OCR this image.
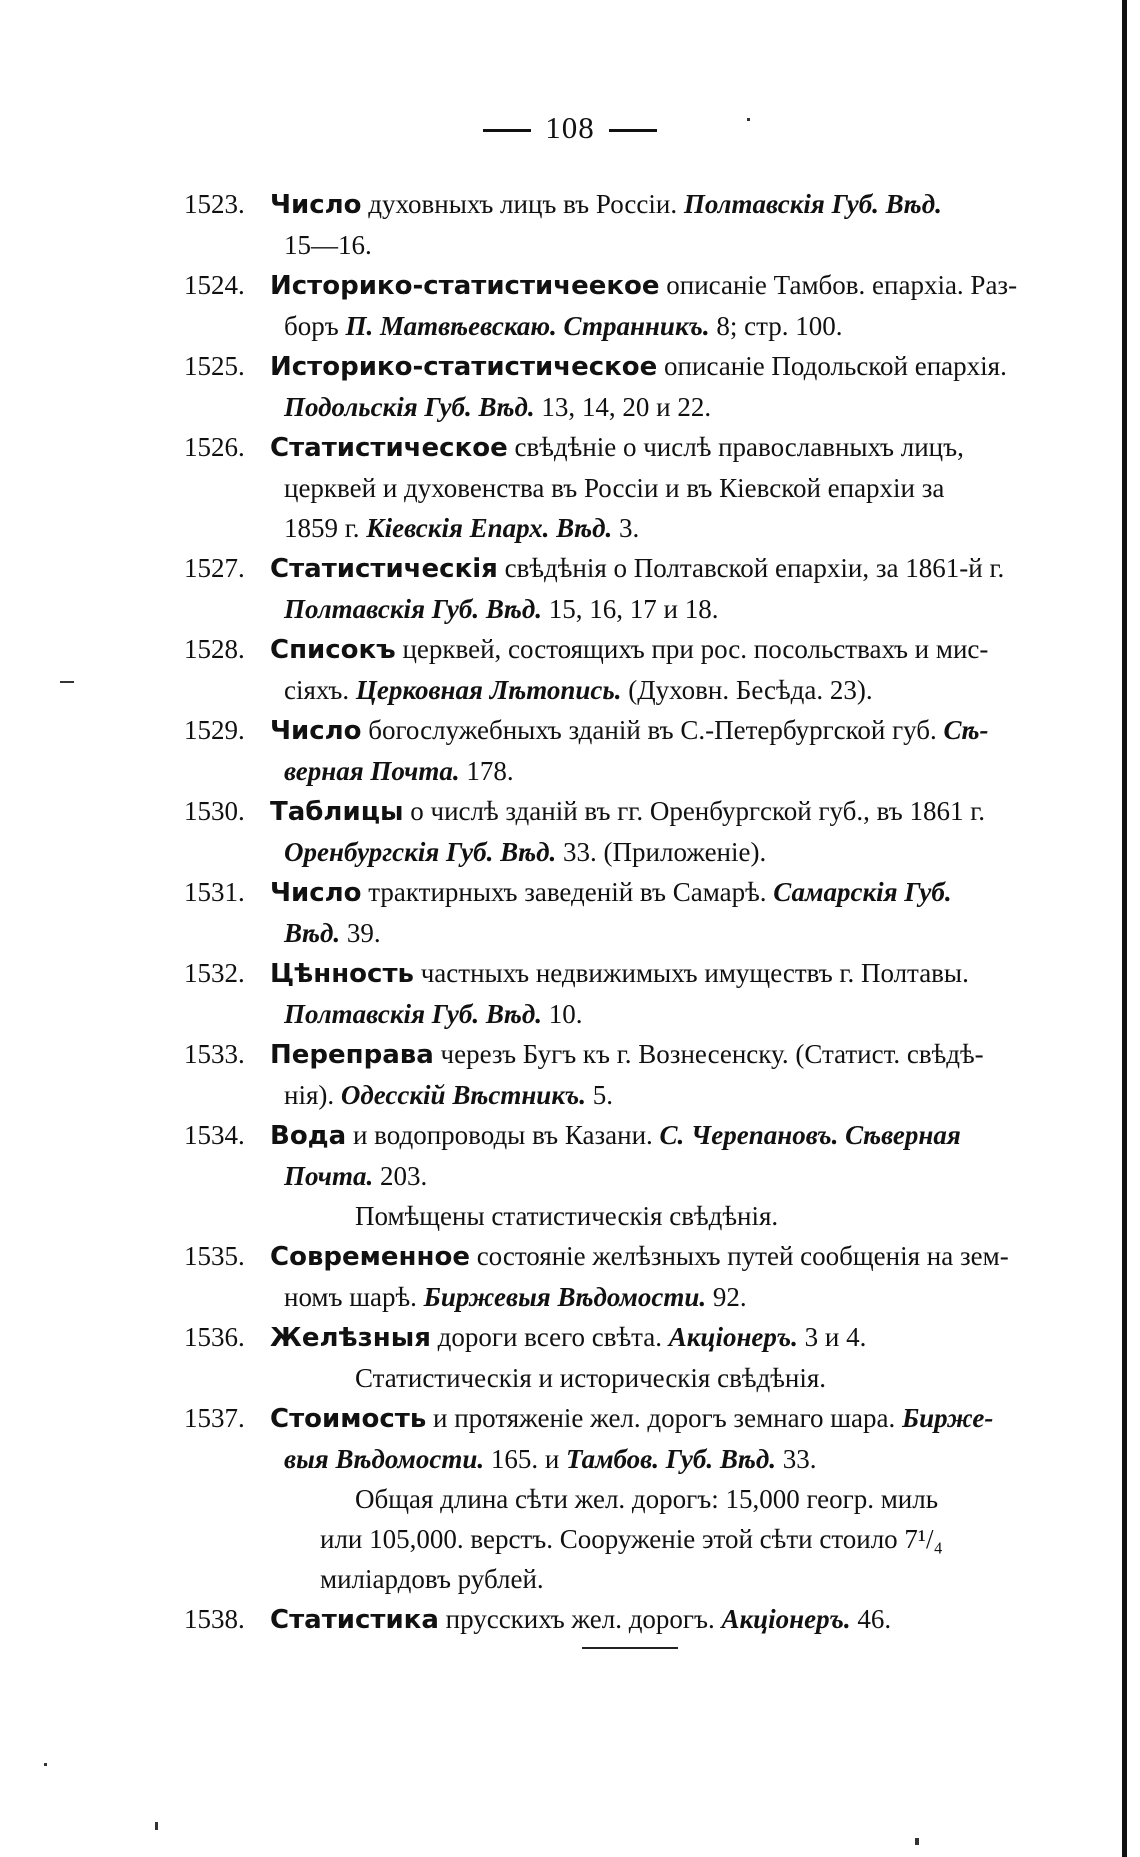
108
1523. Число духовныхъ лицъ въ Россіи. Полтавскія Губ. Вѣд.
15—16.
1524. Историко-статистичеекое описаніе Тамбов. епархіа. Раз-
боръ П. Матвѣевскаю. Странникъ. 8; стр. 100.
1525. Историко-статистическое описаніе Подольской епархія.
Подольскія Губ. Вѣд. 13, 14, 20 и 22.
1526. Статистическое свѣдѣніе о числѣ православныхъ лицъ,
церквей и духовенства въ Россіи и въ Кіевской епархіи за
1859 г. Кіевскія Епарх. Вѣд. 3.
1527. Статистическія свѣдѣнія о Полтавской епархіи, за 1861-й г.
Полтавскія Губ. Вѣд. 15, 16, 17 и 18.
1528. Списокъ церквей, состоящихъ при рос. посольствахъ и мис-
сіяхъ. Церковная Лѣтопись. (Духовн. Бесѣда. 23).
1529. Число богослужебныхъ зданій въ С.-Петербургской губ. Сѣ-
верная Почта. 178.
1530. Таблицы о числѣ зданій въ гг. Оренбургской губ., въ 1861 г.
Оренбургскія Губ. Вѣд. 33. (Приложеніе).
1531. Число трактирныхъ заведеній въ Самарѣ. Самарскія Губ.
Вѣд. 39.
1532. Цѣнность частныхъ недвижимыхъ имуществъ г. Полтавы.
Полтавскія Губ. Вѣд. 10.
1533. Переправа черезъ Бугъ къ г. Вознесенску. (Статист. свѣдѣ-
нія). Одесскій Вѣстникъ. 5.
1534. Вода и водопроводы въ Казани. С. Черепановъ. Сѣверная
Почта. 203.
Помѣщены статистическія свѣдѣнія.
1535. Современное состояніе желѣзныхъ путей сообщенія на зем-
номъ шарѣ. Биржевыя Вѣдомости. 92.
1536. Желѣзныя дороги всего свѣта. Акціонеръ. 3 и 4.
Статистическія и историческія свѣдѣнія.
1537. Стоимость и протяженіе жел. дорогъ земнаго шара. Бирже-
выя Вѣдомости. 165. и Тамбов. Губ. Вѣд. 33.
Общая длина сѣти жел. дорогъ: 15,000 геогр. миль
или 105,000. верстъ. Сооруженіе этой сѣти стоило 7¹/₄
миліардовъ рублей.
1538. Статистика прусскихъ жел. дорогъ. Акціонеръ. 46.
